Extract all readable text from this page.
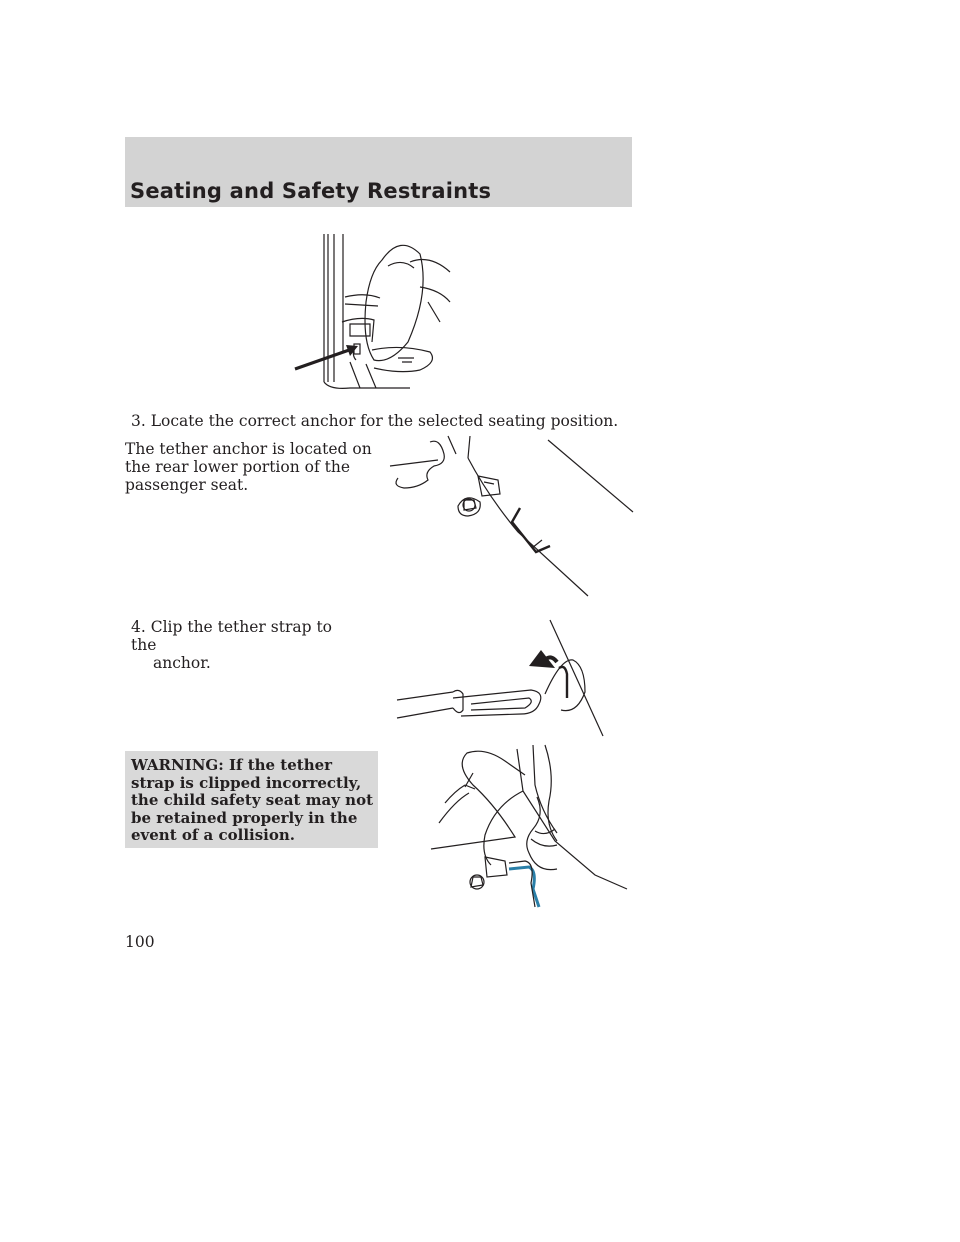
Seating and Safety Restraints

3. Locate the correct anchor for the selected seating position.

The tether anchor is located on the rear lower portion of the passenger seat.

4. Clip the tether strap to the
anchor.

WARNING: If the tether strap is clipped incorrectly, the child safety seat may not be retained properly in the event of a collision.

100
